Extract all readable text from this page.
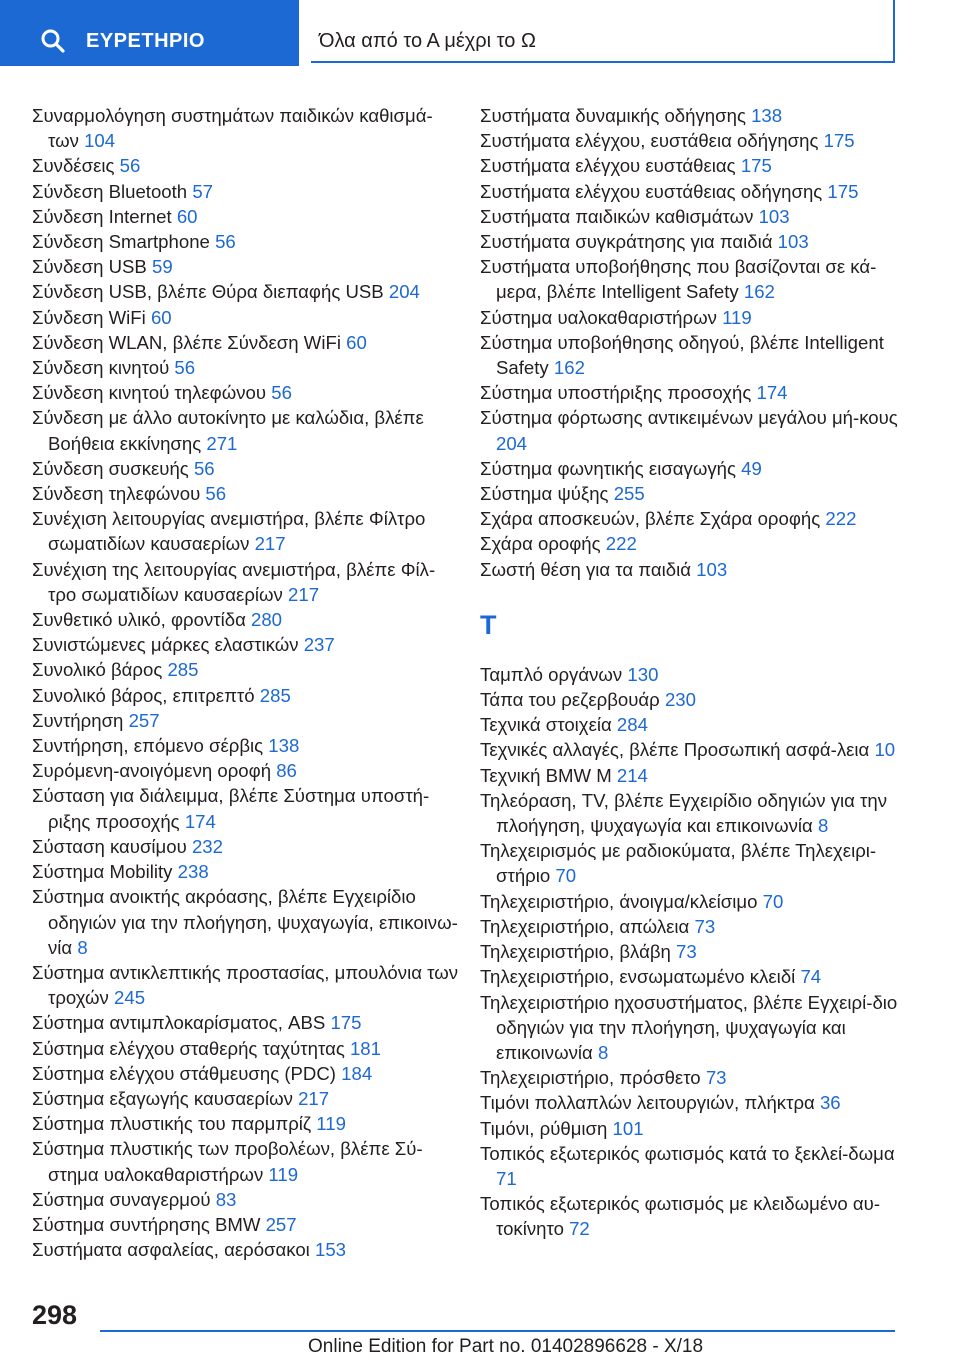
ΕΥΡΕΤΗΡΙΟ	Όλα από το Α μέχρι το Ω
Συναρμολόγηση συστημάτων παιδικών καθισμά‐των 104
Συνδέσεις 56
Σύνδεση Bluetooth 57
Σύνδεση Internet 60
Σύνδεση Smartphone 56
Σύνδεση USB 59
Σύνδεση USB, βλέπε Θύρα διεπαφής USB 204
Σύνδεση WiFi 60
Σύνδεση WLAN, βλέπε Σύνδεση WiFi 60
Σύνδεση κινητού 56
Σύνδεση κινητού τηλεφώνου 56
Σύνδεση με άλλο αυτοκίνητο με καλώδια, βλέπε Βοήθεια εκκίνησης 271
Σύνδεση συσκευής 56
Σύνδεση τηλεφώνου 56
Συνέχιση λειτουργίας ανεμιστήρα, βλέπε Φίλτρο σωματιδίων καυσαερίων 217
Συνέχιση της λειτουργίας ανεμιστήρα, βλέπε Φίλ‐τρο σωματιδίων καυσαερίων 217
Συνθετικό υλικό, φροντίδα 280
Συνιστώμενες μάρκες ελαστικών 237
Συνολικό βάρος 285
Συνολικό βάρος, επιτρεπτό 285
Συντήρηση 257
Συντήρηση, επόμενο σέρβις 138
Συρόμενη-ανοιγόμενη οροφή 86
Σύσταση για διάλειμμα, βλέπε Σύστημα υποστή‐ριξης προσοχής 174
Σύσταση καυσίμου 232
Σύστημα Mobility 238
Σύστημα ανοικτής ακρόασης, βλέπε Εγχειρίδιο οδηγιών για την πλοήγηση, ψυχαγωγία, επικοινω‐νία 8
Σύστημα αντικλεπτικής προστασίας, μπουλόνια των τροχών 245
Σύστημα αντιμπλοκαρίσματος, ABS 175
Σύστημα ελέγχου σταθερής ταχύτητας 181
Σύστημα ελέγχου στάθμευσης (PDC) 184
Σύστημα εξαγωγής καυσαερίων 217
Σύστημα πλυστικής του παρμπρίζ 119
Σύστημα πλυστικής των προβολέων, βλέπε Σύ‐στημα υαλοκαθαριστήρων 119
Σύστημα συναγερμού 83
Σύστημα συντήρησης BMW 257
Συστήματα ασφαλείας, αερόσακοι 153
Συστήματα δυναμικής οδήγησης 138
Συστήματα ελέγχου, ευστάθεια οδήγησης 175
Συστήματα ελέγχου ευστάθειας 175
Συστήματα ελέγχου ευστάθειας οδήγησης 175
Συστήματα παιδικών καθισμάτων 103
Συστήματα συγκράτησης για παιδιά 103
Συστήματα υποβοήθησης που βασίζονται σε κά‐μερα, βλέπε Intelligent Safety 162
Σύστημα υαλοκαθαριστήρων 119
Σύστημα υποβοήθησης οδηγού, βλέπε Intelligent Safety 162
Σύστημα υποστήριξης προσοχής 174
Σύστημα φόρτωσης αντικειμένων μεγάλου μή‐κους 204
Σύστημα φωνητικής εισαγωγής 49
Σύστημα ψύξης 255
Σχάρα αποσκευών, βλέπε Σχάρα οροφής 222
Σχάρα οροφής 222
Σωστή θέση για τα παιδιά 103
Τ
Ταμπλό οργάνων 130
Τάπα του ρεζερβουάρ 230
Τεχνικά στοιχεία 284
Τεχνικές αλλαγές, βλέπε Προσωπική ασφά‐λεια 10
Τεχνική BMW M 214
Τηλεόραση, TV, βλέπε Εγχειρίδιο οδηγιών για την πλοήγηση, ψυχαγωγία και επικοινωνία 8
Τηλεχειρισμός με ραδιοκύματα, βλέπε Τηλεχειρι‐στήριο 70
Τηλεχειριστήριο, άνοιγμα/κλείσιμο 70
Τηλεχειριστήριο, απώλεια 73
Τηλεχειριστήριο, βλάβη 73
Τηλεχειριστήριο, ενσωματωμένο κλειδί 74
Τηλεχειριστήριο ηχοσυστήματος, βλέπε Εγχειρί‐διο οδηγιών για την πλοήγηση, ψυχαγωγία και επικοινωνία 8
Τηλεχειριστήριο, πρόσθετο 73
Τιμόνι πολλαπλών λειτουργιών, πλήκτρα 36
Τιμόνι, ρύθμιση 101
Τοπικός εξωτερικός φωτισμός κατά το ξεκλεί‐δωμα 71
Τοπικός εξωτερικός φωτισμός με κλειδωμένο αυ‐τοκίνητο 72
298
Online Edition for Part no. 01402896628 - X/18
